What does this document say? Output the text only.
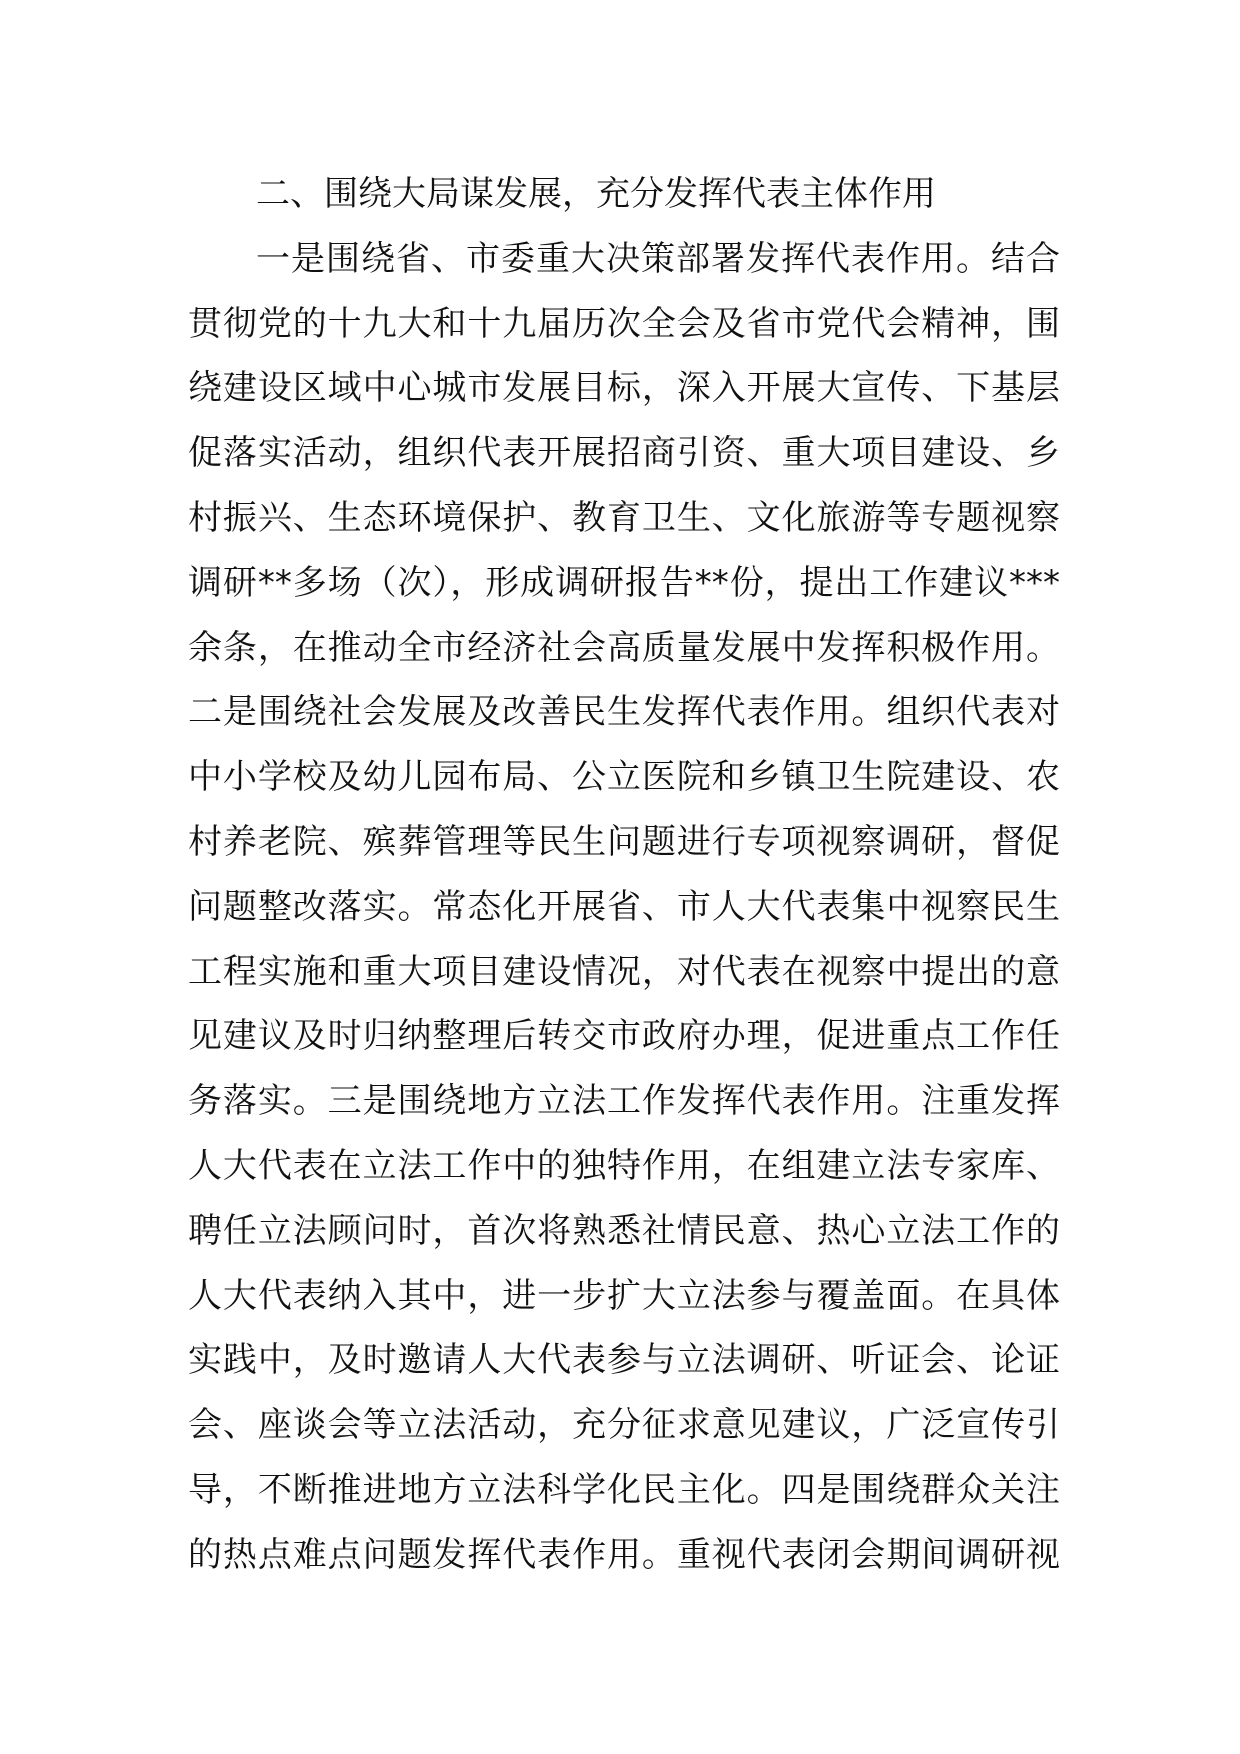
二、围绕大局谋发展，充分发挥代表主体作用
一是围绕省、市委重大决策部署发挥代表作用。结合
贯彻党的十九大和十九届历次全会及省市党代会精神，围
绕建设区域中心城市发展目标，深入开展大宣传、下基层
促落实活动，组织代表开展招商引资、重大项目建设、乡
村振兴、生态环境保护、教育卫生、文化旅游等专题视察
调研**多场（次），形成调研报告**份，提出工作建议***
余条，在推动全市经济社会高质量发展中发挥积极作用。
二是围绕社会发展及改善民生发挥代表作用。组织代表对
中小学校及幼儿园布局、公立医院和乡镇卫生院建设、农
村养老院、殡葬管理等民生问题进行专项视察调研，督促
问题整改落实。常态化开展省、市人大代表集中视察民生
工程实施和重大项目建设情况，对代表在视察中提出的意
见建议及时归纳整理后转交市政府办理，促进重点工作任
务落实。三是围绕地方立法工作发挥代表作用。注重发挥
人大代表在立法工作中的独特作用，在组建立法专家库、
聘任立法顾问时，首次将熟悉社情民意、热心立法工作的
人大代表纳入其中，进一步扩大立法参与覆盖面。在具体
实践中，及时邀请人大代表参与立法调研、听证会、论证
会、座谈会等立法活动，充分征求意见建议，广泛宣传引
导，不断推进地方立法科学化民主化。四是围绕群众关注
的热点难点问题发挥代表作用。重视代表闭会期间调研视
